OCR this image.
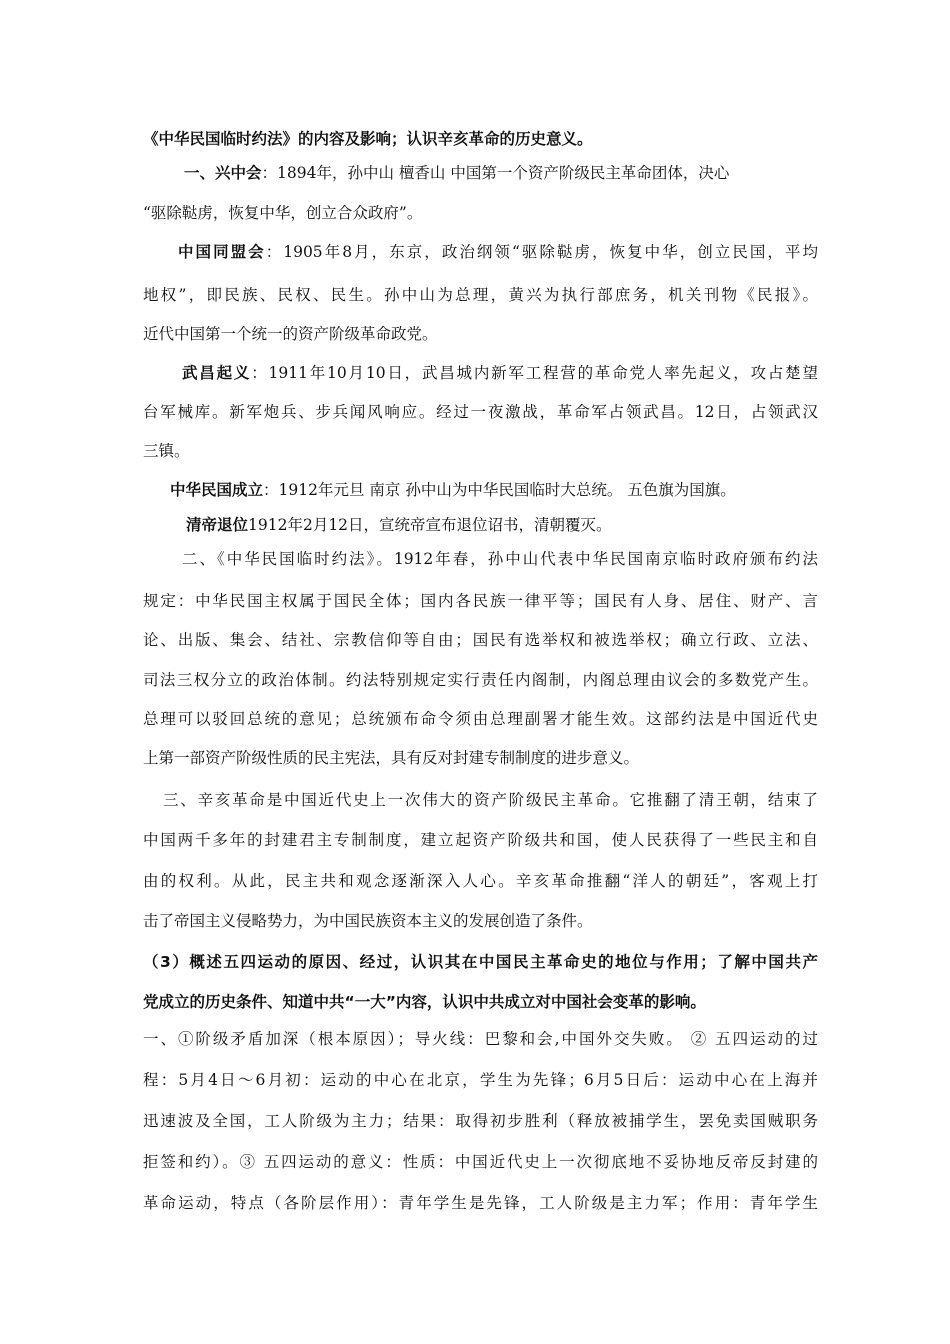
《中华民国临时约法》的内容及影响；认识辛亥革命的历史意义。
一、兴中会：1894年，孙中山 檀香山 中国第一个资产阶级民主革命团体，决心
“驱除鞑虏，恢复中华，创立合众政府”。
中国同盟会：1905年8月，东京，政治纲领“驱除鞑虏，恢复中华，创立民国，平均
地权”，即民族、民权、民生。孙中山为总理，黄兴为执行部庶务，机关刊物《民报》。
近代中国第一个统一的资产阶级革命政党。
武昌起义：1911年10月10日，武昌城内新军工程营的革命党人率先起义，攻占楚望
台军械库。新军炮兵、步兵闻风响应。经过一夜激战，革命军占领武昌。12日，占领武汉
三镇。
中华民国成立：1912年元旦 南京 孙中山为中华民国临时大总统。 五色旗为国旗。
清帝退位1912年2月12日，宣统帝宣布退位诏书，清朝覆灭。
二、《中华民国临时约法》。1912年春，孙中山代表中华民国南京临时政府颁布约法
规定：中华民国主权属于国民全体；国内各民族一律平等；国民有人身、居住、财产、言
论、出版、集会、结社、宗教信仰等自由；国民有选举权和被选举权；确立行政、立法、
司法三权分立的政治体制。约法特别规定实行责任内阁制，内阁总理由议会的多数党产生。
总理可以驳回总统的意见；总统颁布命令须由总理副署才能生效。这部约法是中国近代史
上第一部资产阶级性质的民主宪法，具有反对封建专制制度的进步意义。
三、辛亥革命是中国近代史上一次伟大的资产阶级民主革命。它推翻了清王朝，结束了
中国两千多年的封建君主专制制度，建立起资产阶级共和国，使人民获得了一些民主和自
由的权利。从此，民主共和观念逐渐深入人心。辛亥革命推翻“洋人的朝廷”，客观上打
击了帝国主义侵略势力，为中国民族资本主义的发展创造了条件。
（3）概述五四运动的原因、经过，认识其在中国民主革命史的地位与作用；了解中国共产
党成立的历史条件、知道中共“一大”内容，认识中共成立对中国社会变革的影响。
一、①阶级矛盾加深（根本原因）；导火线：巴黎和会,中国外交失败。 ② 五四运动的过
程：5月4日～6月初：运动的中心在北京，学生为先锋；6月5日后：运动中心在上海并
迅速波及全国，工人阶级为主力；结果：取得初步胜利（释放被捕学生，罢免卖国贼职务
拒签和约）。③ 五四运动的意义：性质：中国近代史上一次彻底地不妥协地反帝反封建的
革命运动，特点（各阶层作用）：青年学生是先锋，工人阶级是主力军；作用：青年学生
